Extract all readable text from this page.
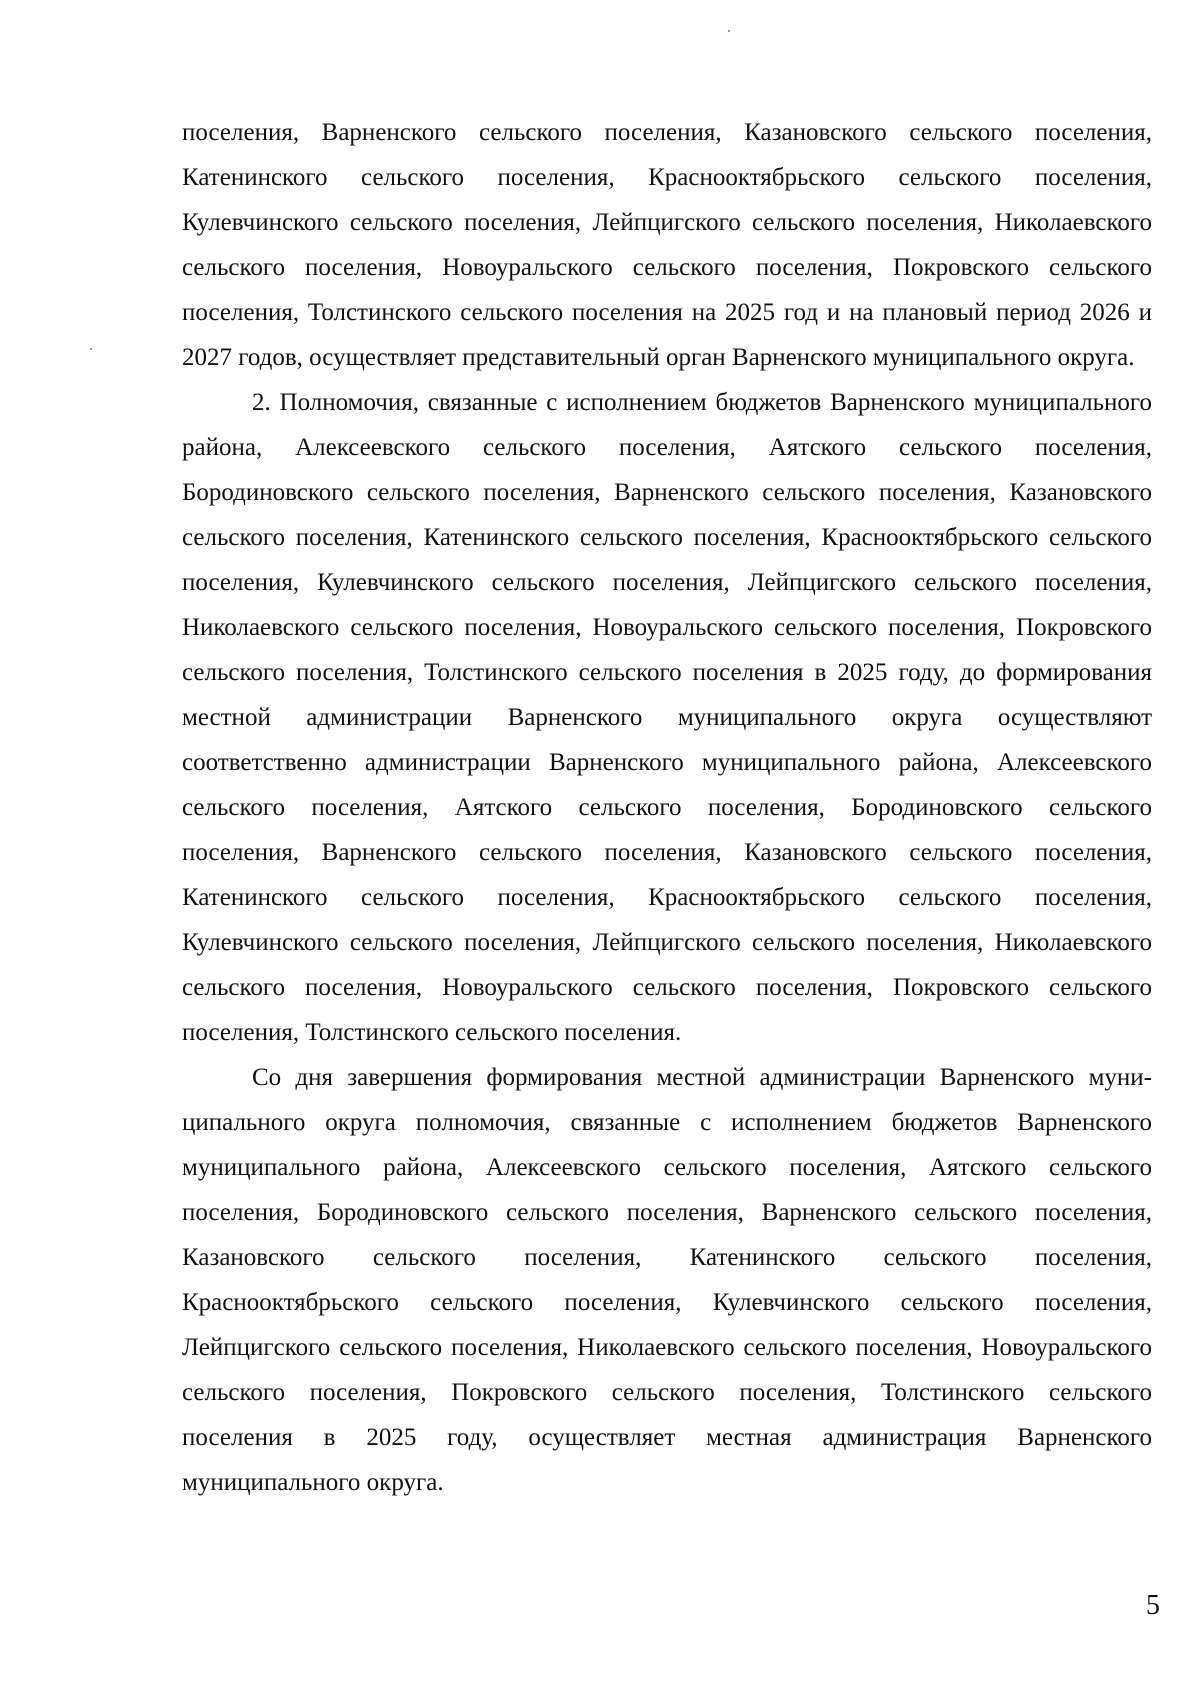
поселения, Варненского сельского поселения, Казановского сельского поселения, Катенинского сельского поселения, Краснооктябрьского сельского поселения, Кулевчинского сельского поселения, Лейпцигского сельского поселения, Николаевского сельского поселения, Новоуральского сельского поселения, Покровского сельского поселения, Толстинского сельского поселения на 2025 год и на плановый период 2026 и 2027 годов, осуществляет представительный орган Варненского муниципального округа.

2. Полномочия, связанные с исполнением бюджетов Варненского муниципального района, Алексеевского сельского поселения, Аятского сельского поселения, Бородиновского сельского поселения, Варненского сельского поселения, Казановского сельского поселения, Катенинского сельского поселения, Краснооктябрьского сельского поселения, Кулевчинского сельского поселения, Лейпцигского сельского поселения, Николаевского сельского поселения, Новоуральского сельского поселения, Покровского сельского поселения, Толстинского сельского поселения в 2025 году, до формирования местной администрации Варненского муниципального округа осуществляют соответственно администрации Варненского муниципального района, Алексеевского сельского поселения, Аятского сельского поселения, Бородиновского сельского поселения, Варненского сельского поселения, Казановского сельского поселения, Катенинского сельского поселения, Краснооктябрьского сельского поселения, Кулевчинского сельского поселения, Лейпцигского сельского поселения, Николаевского сельского поселения, Новоуральского сельского поселения, Покровского сельского поселения, Толстинского сельского поселения.

Со дня завершения формирования местной администрации Варненского муниципального округа полномочия, связанные с исполнением бюджетов Варненского муниципального района, Алексеевского сельского поселения, Аятского сельского поселения, Бородиновского сельского поселения, Варненского сельского поселения, Казановского сельского поселения, Катенинского сельского поселения, Краснооктябрьского сельского поселения, Кулевчинского сельского поселения, Лейпцигского сельского поселения, Николаевского сельского поселения, Новоуральского сельского поселения, Покровского сельского поселения, Толстинского сельского поселения в 2025 году, осуществляет местная администрация Варненского муниципального округа.

5
